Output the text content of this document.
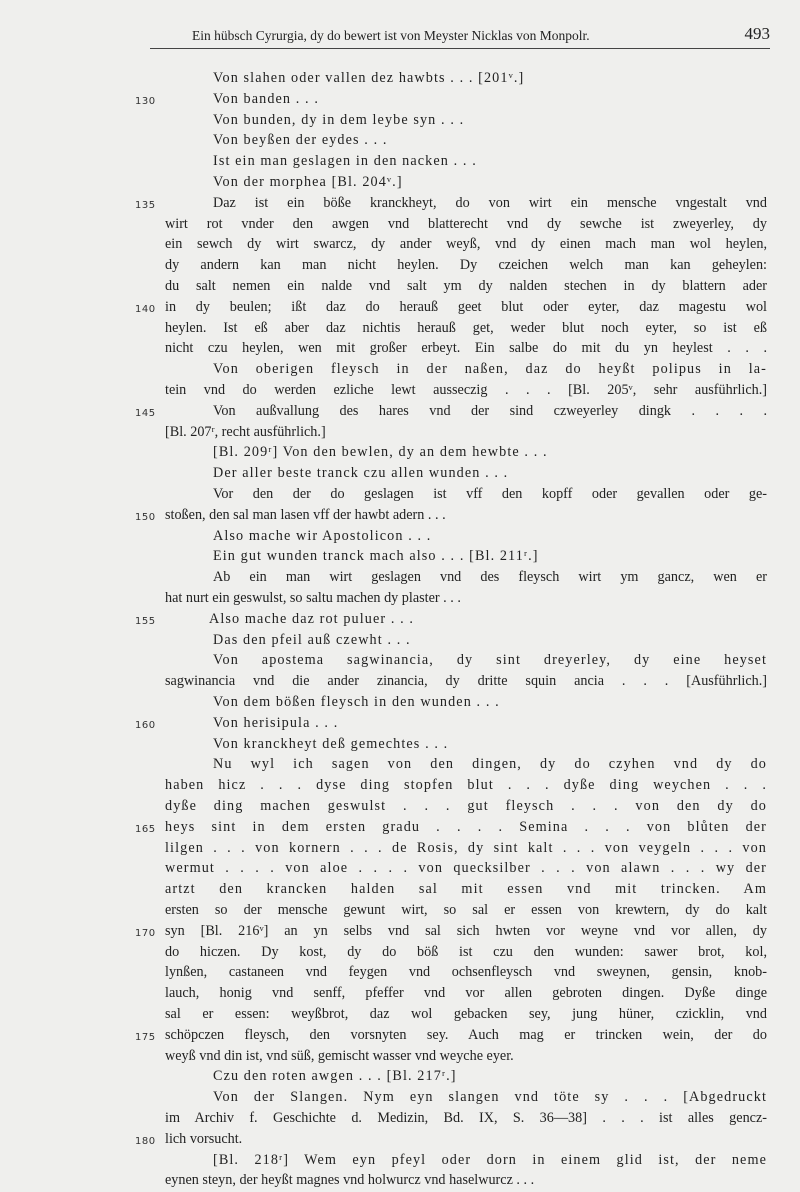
Ein hübsch Cyrurgia, dy do bewert ist von Meyster Nicklas von Monpolr.	493
Von slahen oder vallen dez hawbts . . . [201ᵛ.]
Von banden . . .
130
Von bunden, dy in dem leybe syn . . .
Von beyßen der eydes . . .
Ist ein man geslagen in den nacken . . .
Von der morphea [Bl. 204ᵛ.]
Daz ist ein böße kranckheyt, do von wirt ein mensche vngestalt vnd
135
wirt rot vnder den awgen vnd blatterecht vnd dy sewche ist zweyerley, dy
ein sewch dy wirt swarcz, dy ander weyß, vnd dy einen mach man wol heylen,
dy andern kan man nicht heylen. Dy czeichen welch man kan geheylen:
du salt nemen ein nalde vnd salt ym dy nalden stechen in dy blattern ader
in dy beulen; ißt daz do herauß geet blut oder eyter, daz magestu wol
140
heylen. Ist eß aber daz nichtis herauß get, weder blut noch eyter, so ist eß
nicht czu heylen, wen mit großer erbeyt. Ein salbe do mit du yn heylest . . .
Von oberigen fleysch in der naßen, daz do heyßt polipus in la-
tein vnd do werden ezliche lewt ausseczig . . . [Bl. 205ᵛ, sehr ausführlich.]
Von außvallung des hares vnd der sind czweyerley dingk . . . .
145
[Bl. 207ʳ, recht ausführlich.]
[Bl. 209ʳ] Von den bewlen, dy an dem hewbte . . .
Der aller beste tranck czu allen wunden . . .
Vor den der do geslagen ist vff den kopff oder gevallen oder ge-
stoßen, den sal man lasen vff der hawbt adern . . .
150
Also mache wir Apostolicon . . .
Ein gut wunden tranck mach also . . . [Bl. 211ʳ.]
Ab ein man wirt geslagen vnd des fleysch wirt ym gancz, wen er
hat nurt ein geswulst, so saltu machen dy plaster . . .
Also mache daz rot puluer . . .
155
Das den pfeil auß czewht . . .
Von apostema sagwinancia, dy sint dreyerley, dy eine heyset
sagwinancia vnd die ander zinancia, dy dritte squin ancia . . . [Ausführlich.]
Von dem bößen fleysch in den wunden . . .
Von herisipula . . .
160
Von kranckheyt deß gemechtes . . .
Nu wyl ich sagen von den dingen, dy do czyhen vnd dy do
haben hicz . . . dyse ding stopfen blut . . . dyße ding weychen . . .
dyße ding machen geswulst . . . gut fleysch . . . von den dy do
heys sint in dem ersten gradu . . . . Semina . . . von blůten der
165
lilgen . . . von kornern . . . de Rosis, dy sint kalt . . . von veygeln . . . von
wermut . . . . von aloe . . . . von quecksilber . . . von alawn . . . wy der
artzt den krancken halden sal mit essen vnd mit trincken. Am
ersten so der mensche gewunt wirt, so sal er essen von krewtern, dy do kalt
syn [Bl. 216ᵛ] an yn selbs vnd sal sich hwten vor weyne vnd vor allen, dy
170
do hiczen. Dy kost, dy do böß ist czu den wunden: sawer brot, kol,
lynßen, castaneen vnd feygen vnd ochsenfleysch vnd sweynen, gensin, knob-
lauch, honig vnd senff, pfeffer vnd vor allen gebroten dingen. Dyße dinge
sal er essen: weyßbrot, daz wol gebacken sey, jung hüner, czicklin, vnd
schöpczen fleysch, den vorsnyten sey. Auch mag er trincken wein, der do
175
weyß vnd din ist, vnd süß, gemischt wasser vnd weyche eyer.
Czu den roten awgen . . . [Bl. 217ʳ.]
Von der Slangen. Nym eyn slangen vnd töte sy . . . [Abgedruckt
im Archiv f. Geschichte d. Medizin, Bd. IX, S. 36—38] . . . ist alles gencz-
lich vorsucht.
180
[Bl. 218ʳ] Wem eyn pfeyl oder dorn in einem glid ist, der neme
eynen steyn, der heyßt magnes vnd holwurcz vnd haselwurcz . . .
